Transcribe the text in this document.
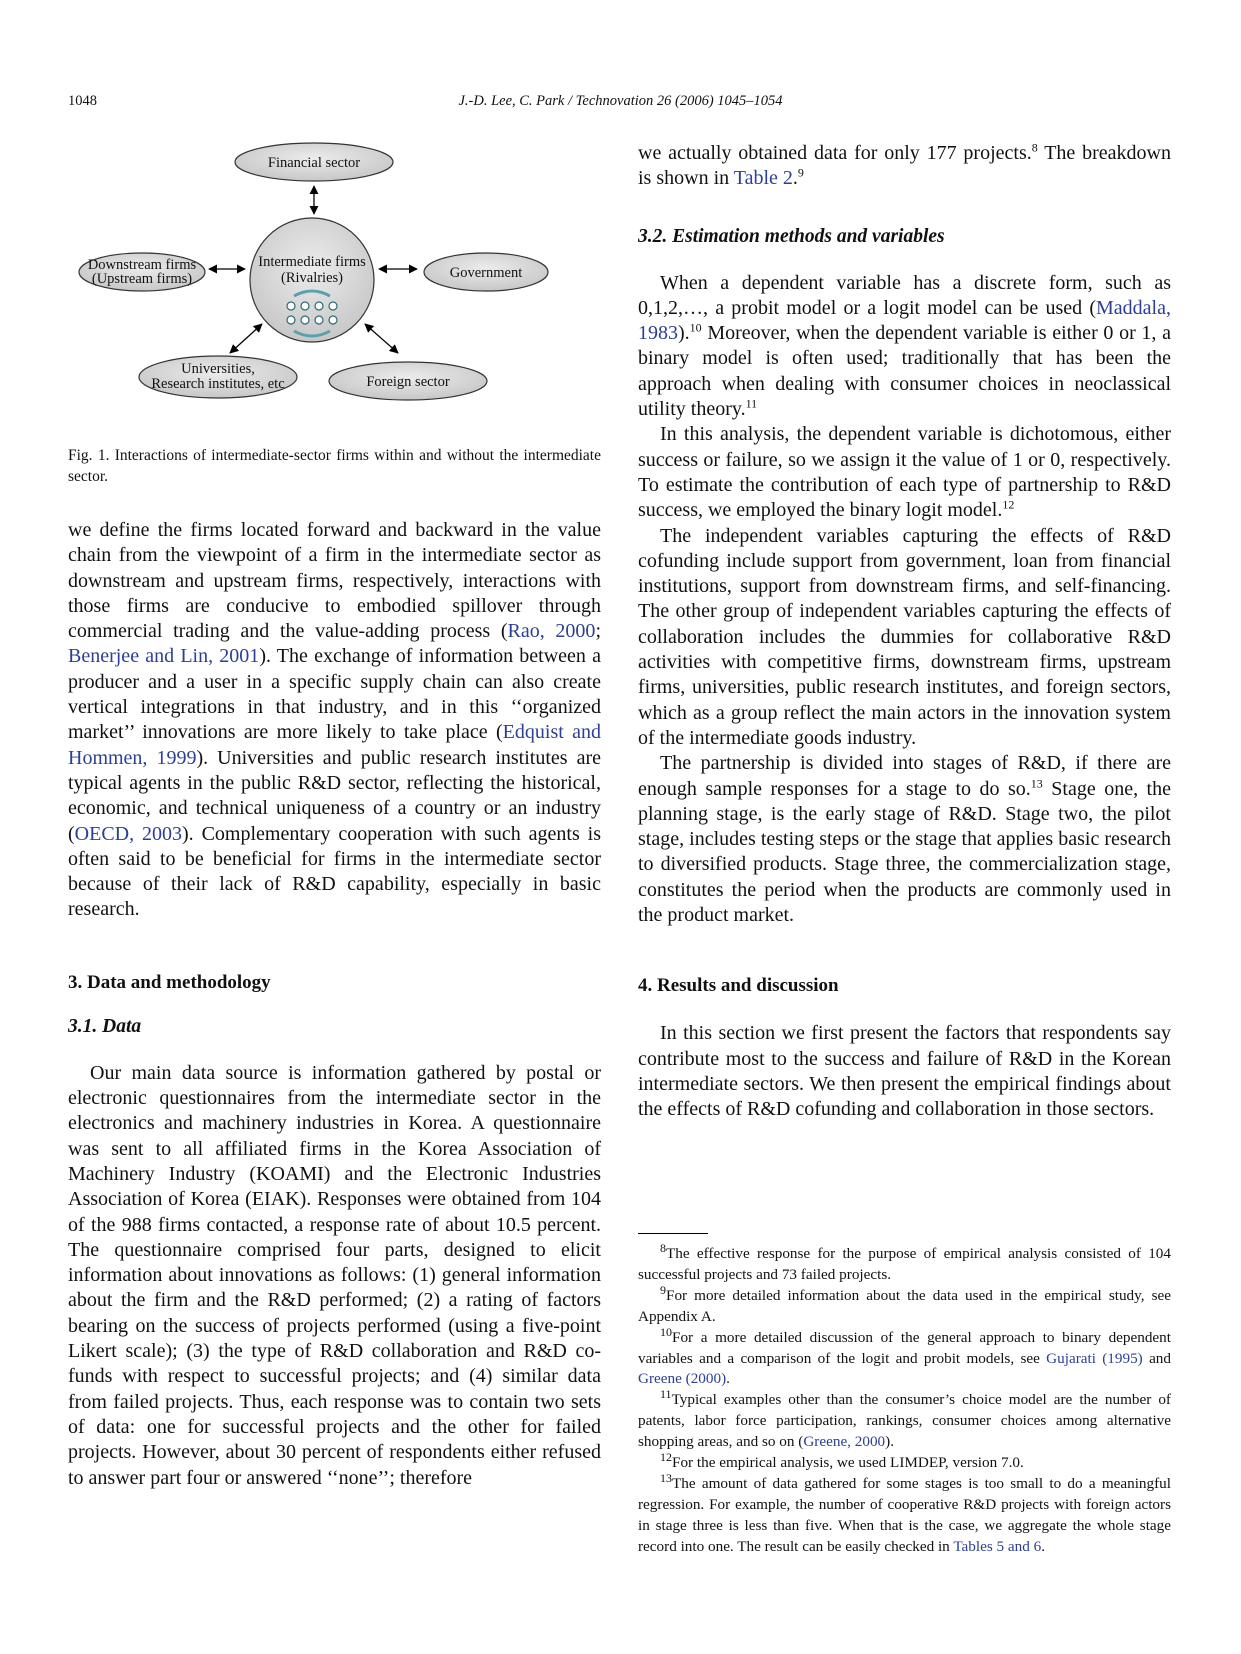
1048	J.-D. Lee, C. Park / Technovation 26 (2006) 1045–1054
Financial sector
Downstream firms
(Upstream firms)
Intermediate firms
(Rivalries)	Government
Universities,
Research institutes, etc	Foreign sector
Fig. 1. Interactions of intermediate-sector firms within and without the intermediate sector.

we define the firms located forward and backward in the value chain from the viewpoint of a firm in the intermediate sector as downstream and upstream firms, respectively, interactions with those firms are conducive to embodied spillover through commercial trading and the value-adding process (Rao, 2000; Benerjee and Lin, 2001). The exchange of information between a producer and a user in a specific supply chain can also create vertical integrations in that industry, and in this ‘‘organized market’’ innovations are more likely to take place (Edquist and Hommen, 1999). Universities and public research institutes are typical agents in the public R&D sector, reflecting the historical, economic, and technical uniqueness of a country or an industry (OECD, 2003). Complementary cooperation with such agents is often said to be beneficial for firms in the intermediate sector because of their lack of R&D capability, especially in basic research.

3. Data and methodology
3.1. Data

Our main data source is information gathered by postal or electronic questionnaires from the intermediate sector in the electronics and machinery industries in Korea. A questionnaire was sent to all affiliated firms in the Korea Association of Machinery Industry (KOAMI) and the Electronic Industries Association of Korea (EIAK). Responses were obtained from 104 of the 988 firms contacted, a response rate of about 10.5 percent. The questionnaire comprised four parts, designed to elicit information about innovations as follows: (1) general information about the firm and the R&D performed; (2) a rating of factors bearing on the success of projects performed (using a five-point Likert scale); (3) the type of R&D collaboration and R&D co-funds with respect to successful projects; and (4) similar data from failed projects. Thus, each response was to contain two sets of data: one for successful projects and the other for failed projects. However, about 30 percent of respondents either refused to answer part four or answered ‘‘none’’; therefore

we actually obtained data for only 177 projects.$^8$ The breakdown is shown in Table 2.$^9$

3.2. Estimation methods and variables

When a dependent variable has a discrete form, such as 0,1,2,…, a probit model or a logit model can be used (Maddala, 1983).$^{10}$ Moreover, when the dependent variable is either 0 or 1, a binary model is often used; traditionally that has been the approach when dealing with consumer choices in neoclassical utility theory.$^{11}$

In this analysis, the dependent variable is dichotomous, either success or failure, so we assign it the value of 1 or 0, respectively. To estimate the contribution of each type of partnership to R&D success, we employed the binary logit model.$^{12}$

The independent variables capturing the effects of R&D cofunding include support from government, loan from financial institutions, support from downstream firms, and self-financing. The other group of independent variables capturing the effects of collaboration includes the dummies for collaborative R&D activities with competitive firms, downstream firms, upstream firms, universities, public research institutes, and foreign sectors, which as a group reflect the main actors in the innovation system of the intermediate goods industry.

The partnership is divided into stages of R&D, if there are enough sample responses for a stage to do so.$^{13}$ Stage one, the planning stage, is the early stage of R&D. Stage two, the pilot stage, includes testing steps or the stage that applies basic research to diversified products. Stage three, the commercialization stage, constitutes the period when the products are commonly used in the product market.

4. Results and discussion

In this section we first present the factors that respondents say contribute most to the success and failure of R&D in the Korean intermediate sectors. We then present the empirical findings about the effects of R&D cofunding and collaboration in those sectors.

$^8$The effective response for the purpose of empirical analysis consisted of 104 successful projects and 73 failed projects.

$^9$For more detailed information about the data used in the empirical study, see Appendix A.

$^{10}$For a more detailed discussion of the general approach to binary dependent variables and a comparison of the logit and probit models, see Gujarati (1995) and Greene (2000).

$^{11}$Typical examples other than the consumer’s choice model are the number of patents, labor force participation, rankings, consumer choices among alternative shopping areas, and so on (Greene, 2000).

$^{12}$For the empirical analysis, we used LIMDEP, version 7.0.

$^{13}$The amount of data gathered for some stages is too small to do a meaningful regression. For example, the number of cooperative R&D projects with foreign actors in stage three is less than five. When that is the case, we aggregate the whole stage record into one. The result can be easily checked in Tables 5 and 6.
